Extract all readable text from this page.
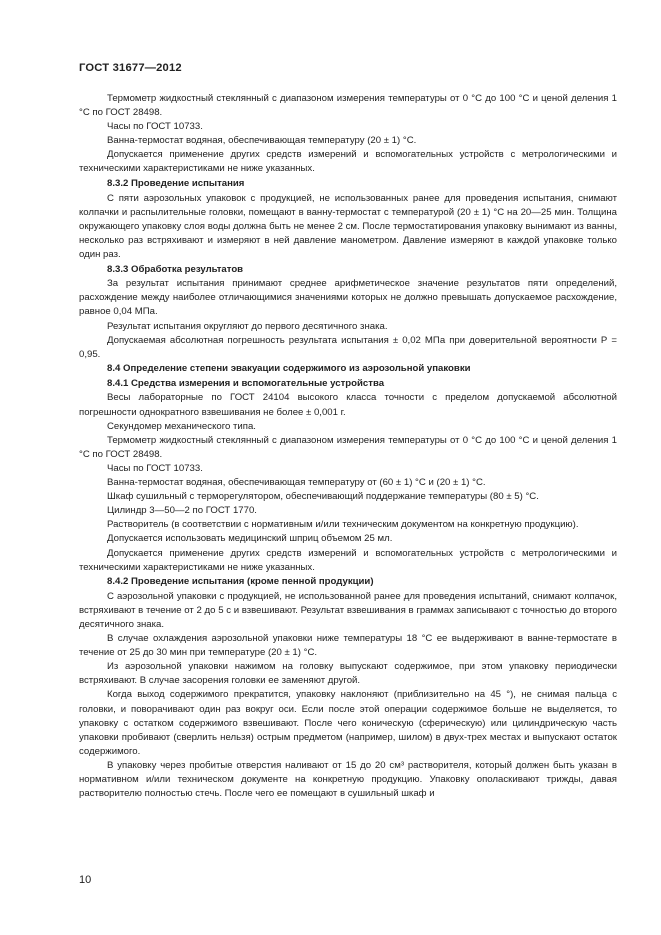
ГОСТ 31677—2012

Термометр жидкостный стеклянный с диапазоном измерения температуры от 0 °С до 100 °С и ценой деления 1 °С по ГОСТ 28498.

Часы по ГОСТ 10733.

Ванна-термостат водяная, обеспечивающая температуру (20 ± 1) °С.

Допускается применение других средств измерений и вспомогательных устройств с метрологическими и техническими характеристиками не ниже указанных.

8.3.2 Проведение испытания

С пяти аэрозольных упаковок с продукцией, не использованных ранее для проведения испытания, снимают колпачки и распылительные головки, помещают в ванну-термостат с температурой (20 ± 1) °С на 20—25 мин. Толщина окружающего упаковку слоя воды должна быть не менее 2 см. После термостатирования упаковку вынимают из ванны, несколько раз встряхивают и измеряют в ней давление манометром. Давление измеряют в каждой упаковке только один раз.

8.3.3 Обработка результатов

За результат испытания принимают среднее арифметическое значение результатов пяти определений, расхождение между наиболее отличающимися значениями которых не должно превышать допускаемое расхождение, равное 0,04 МПа.

Результат испытания округляют до первого десятичного знака.

Допускаемая абсолютная погрешность результата испытания ± 0,02 МПа при доверительной вероятности Р = 0,95.

8.4 Определение степени эвакуации содержимого из аэрозольной упаковки

8.4.1 Средства измерения и вспомогательные устройства

Весы лабораторные по ГОСТ 24104 высокого класса точности с пределом допускаемой абсолютной погрешности однократного взвешивания не более ± 0,001 г.

Секундомер механического типа.

Термометр жидкостный стеклянный с диапазоном измерения температуры от 0 °С до 100 °С и ценой деления 1 °С по ГОСТ 28498.

Часы по ГОСТ 10733.

Ванна-термостат водяная, обеспечивающая температуру от (60 ± 1) °С и (20 ± 1) °С.

Шкаф сушильный с терморегулятором, обеспечивающий поддержание температуры (80 ± 5) °С.

Цилиндр 3—50—2 по ГОСТ 1770.

Растворитель (в соответствии с нормативным и/или техническим документом на конкретную продукцию).

Допускается использовать медицинский шприц объемом 25 мл.

Допускается применение других средств измерений и вспомогательных устройств с метрологическими и техническими характеристиками не ниже указанных.

8.4.2 Проведение испытания (кроме пенной продукции)

С аэрозольной упаковки с продукцией, не использованной ранее для проведения испытаний, снимают колпачок, встряхивают в течение от 2 до 5 с и взвешивают. Результат взвешивания в граммах записывают с точностью до второго десятичного знака.

В случае охлаждения аэрозольной упаковки ниже температуры 18 °С ее выдерживают в ванне-термостате в течение от 25 до 30 мин при температуре (20 ± 1) °С.

Из аэрозольной упаковки нажимом на головку выпускают содержимое, при этом упаковку периодически встряхивают. В случае засорения головки ее заменяют другой.

Когда выход содержимого прекратится, упаковку наклоняют (приблизительно на 45 °), не снимая пальца с головки, и поворачивают один раз вокруг оси. Если после этой операции содержимое больше не выделяется, то упаковку с остатком содержимого взвешивают. После чего коническую (сферическую) или цилиндрическую часть упаковки пробивают (сверлить нельзя) острым предметом (например, шилом) в двух-трех местах и выпускают остаток содержимого.

В упаковку через пробитые отверстия наливают от 15 до 20 см³ растворителя, который должен быть указан в нормативном и/или техническом документе на конкретную продукцию. Упаковку ополаскивают трижды, давая растворителю полностью стечь. После чего ее помещают в сушильный шкаф и

10
